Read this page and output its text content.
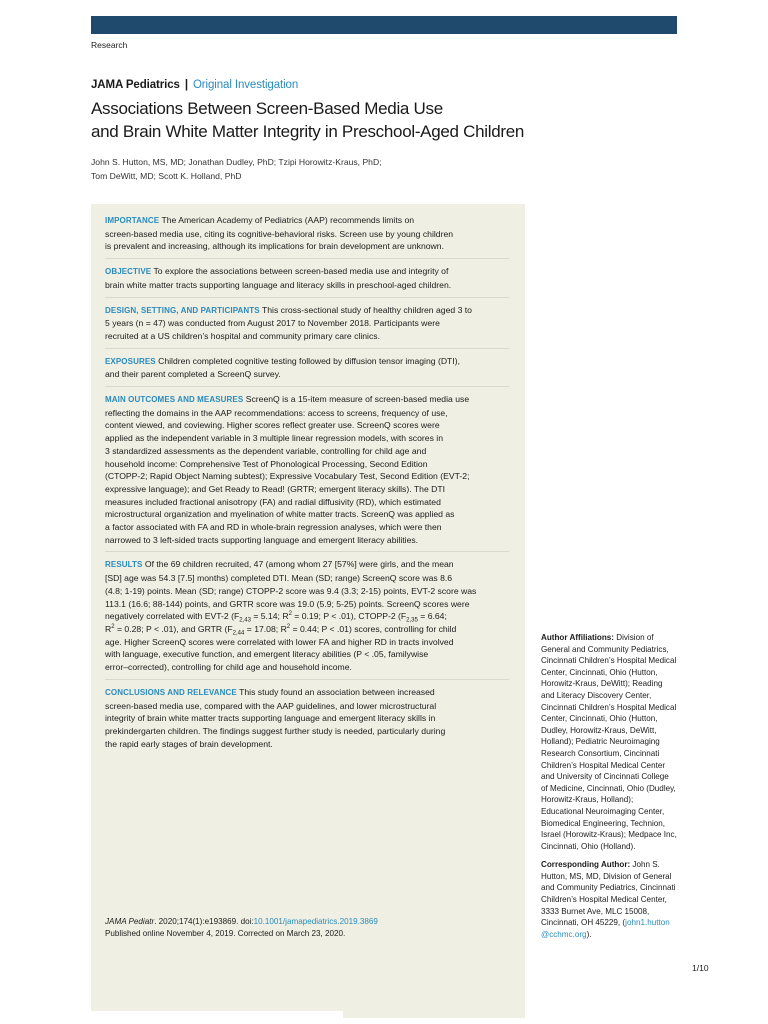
Research
JAMA Pediatrics | Original Investigation
Associations Between Screen-Based Media Use
and Brain White Matter Integrity in Preschool-Aged Children
John S. Hutton, MS, MD; Jonathan Dudley, PhD; Tzipi Horowitz-Kraus, PhD;
Tom DeWitt, MD; Scott K. Holland, PhD
IMPORTANCE The American Academy of Pediatrics (AAP) recommends limits on
screen-based media use, citing its cognitive-behavioral risks. Screen use by young children
is prevalent and increasing, although its implications for brain development are unknown.
OBJECTIVE To explore the associations between screen-based media use and integrity of
brain white matter tracts supporting language and literacy skills in preschool-aged children.
DESIGN, SETTING, AND PARTICIPANTS This cross-sectional study of healthy children aged 3 to
5 years (n = 47) was conducted from August 2017 to November 2018. Participants were
recruited at a US children’s hospital and community primary care clinics.
EXPOSURES Children completed cognitive testing followed by diffusion tensor imaging (DTI),
and their parent completed a ScreenQ survey.
MAIN OUTCOMES AND MEASURES ScreenQ is a 15-item measure of screen-based media use
reflecting the domains in the AAP recommendations: access to screens, frequency of use,
content viewed, and coviewing. Higher scores reflect greater use. ScreenQ scores were
applied as the independent variable in 3 multiple linear regression models, with scores in
3 standardized assessments as the dependent variable, controlling for child age and
household income: Comprehensive Test of Phonological Processing, Second Edition
(CTOPP-2; Rapid Object Naming subtest); Expressive Vocabulary Test, Second Edition (EVT-2;
expressive language); and Get Ready to Read! (GRTR; emergent literacy skills). The DTI
measures included fractional anisotropy (FA) and radial diffusivity (RD), which estimated
microstructural organization and myelination of white matter tracts. ScreenQ was applied as
a factor associated with FA and RD in whole-brain regression analyses, which were then
narrowed to 3 left-sided tracts supporting language and emergent literacy abilities.
RESULTS Of the 69 children recruited, 47 (among whom 27 [57%] were girls, and the mean
[SD] age was 54.3 [7.5] months) completed DTI. Mean (SD; range) ScreenQ score was 8.6
(4.8; 1-19) points. Mean (SD; range) CTOPP-2 score was 9.4 (3.3; 2-15) points, EVT-2 score was
113.1 (16.6; 88-144) points, and GRTR score was 19.0 (5.9; 5-25) points. ScreenQ scores were
negatively correlated with EVT-2 ($F_{2,43} = 5.14$; $R^2 = 0.19$; P < .01), CTOPP-2 ($F_{2,35} = 6.64$;
$R^2 = 0.28$; P < .01), and GRTR ($F_{2,44} = 17.08$; $R^2 = 0.44$; P < .01) scores, controlling for child
age. Higher ScreenQ scores were correlated with lower FA and higher RD in tracts involved
with language, executive function, and emergent literacy abilities (P < .05, familywise
error–corrected), controlling for child age and household income.
CONCLUSIONS AND RELEVANCE This study found an association between increased
screen-based media use, compared with the AAP guidelines, and lower microstructural
integrity of brain white matter tracts supporting language and emergent literacy skills in
prekindergarten children. The findings suggest further study is needed, particularly during
the rapid early stages of brain development.
JAMA Pediatr. 2020;174(1):e193869. doi:10.1001/jamapediatrics.2019.3869
Published online November 4, 2019. Corrected on March 23, 2020.
Author Affiliations: Division of
General and Community Pediatrics,
Cincinnati Children’s Hospital Medical
Center, Cincinnati, Ohio (Hutton,
Horowitz-Kraus, DeWitt); Reading
and Literacy Discovery Center,
Cincinnati Children’s Hospital Medical
Center, Cincinnati, Ohio (Hutton,
Dudley, Horowitz-Kraus, DeWitt,
Holland); Pediatric Neuroimaging
Research Consortium, Cincinnati
Children’s Hospital Medical Center
and University of Cincinnati College
of Medicine, Cincinnati, Ohio (Dudley,
Horowitz-Kraus, Holland);
Educational Neuroimaging Center,
Biomedical Engineering, Technion,
Israel (Horowitz-Kraus); Medpace Inc,
Cincinnati, Ohio (Holland).
Corresponding Author: John S.
Hutton, MS, MD, Division of General
and Community Pediatrics, Cincinnati
Children’s Hospital Medical Center,
3333 Burnet Ave, MLC 15008,
Cincinnati, OH 45229, (john1.hutton
@cchmc.org).
1/10
